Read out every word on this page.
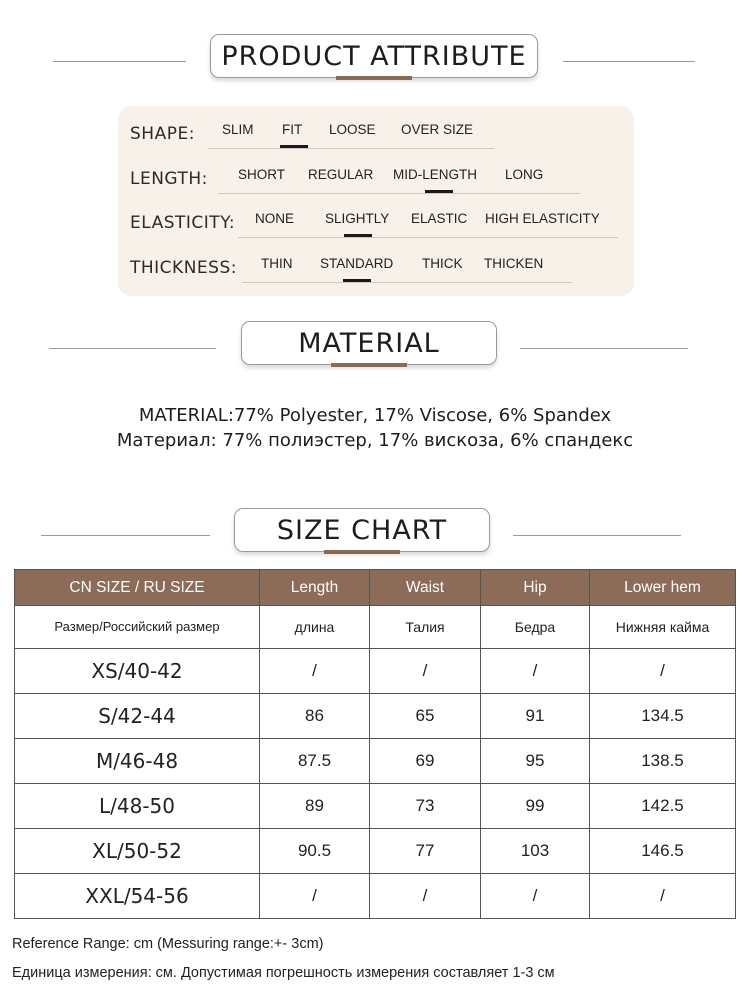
PRODUCT ATTRIBUTE
SHAPE: SLIM FIT LOOSE OVER SIZE
LENGTH: SHORT REGULAR MID-LENGTH LONG
ELASTICITY: NONE SLIGHTLY ELASTIC HIGH ELASTICITY
THICKNESS: THIN STANDARD THICK THICKEN
MATERIAL
MATERIAL:77% Polyester, 17% Viscose, 6% Spandex
Материал: 77% полиэстер, 17% вискоза, 6% спандекс
SIZE CHART
CN SIZE / RU SIZE	Length	Waist	Hip	Lower hem
Размер/Российский размер	длина	Талия	Бедра	Нижняя кайма
XS/40-42	/	/	/	/
S/42-44	86	65	91	134.5
M/46-48	87.5	69	95	138.5
L/48-50	89	73	99	142.5
XL/50-52	90.5	77	103	146.5
XXL/54-56	/	/	/	/
Reference Range: cm (Messuring range:+- 3cm)
Единица измерения: см. Допустимая погрешность измерения составляет 1-3 см
